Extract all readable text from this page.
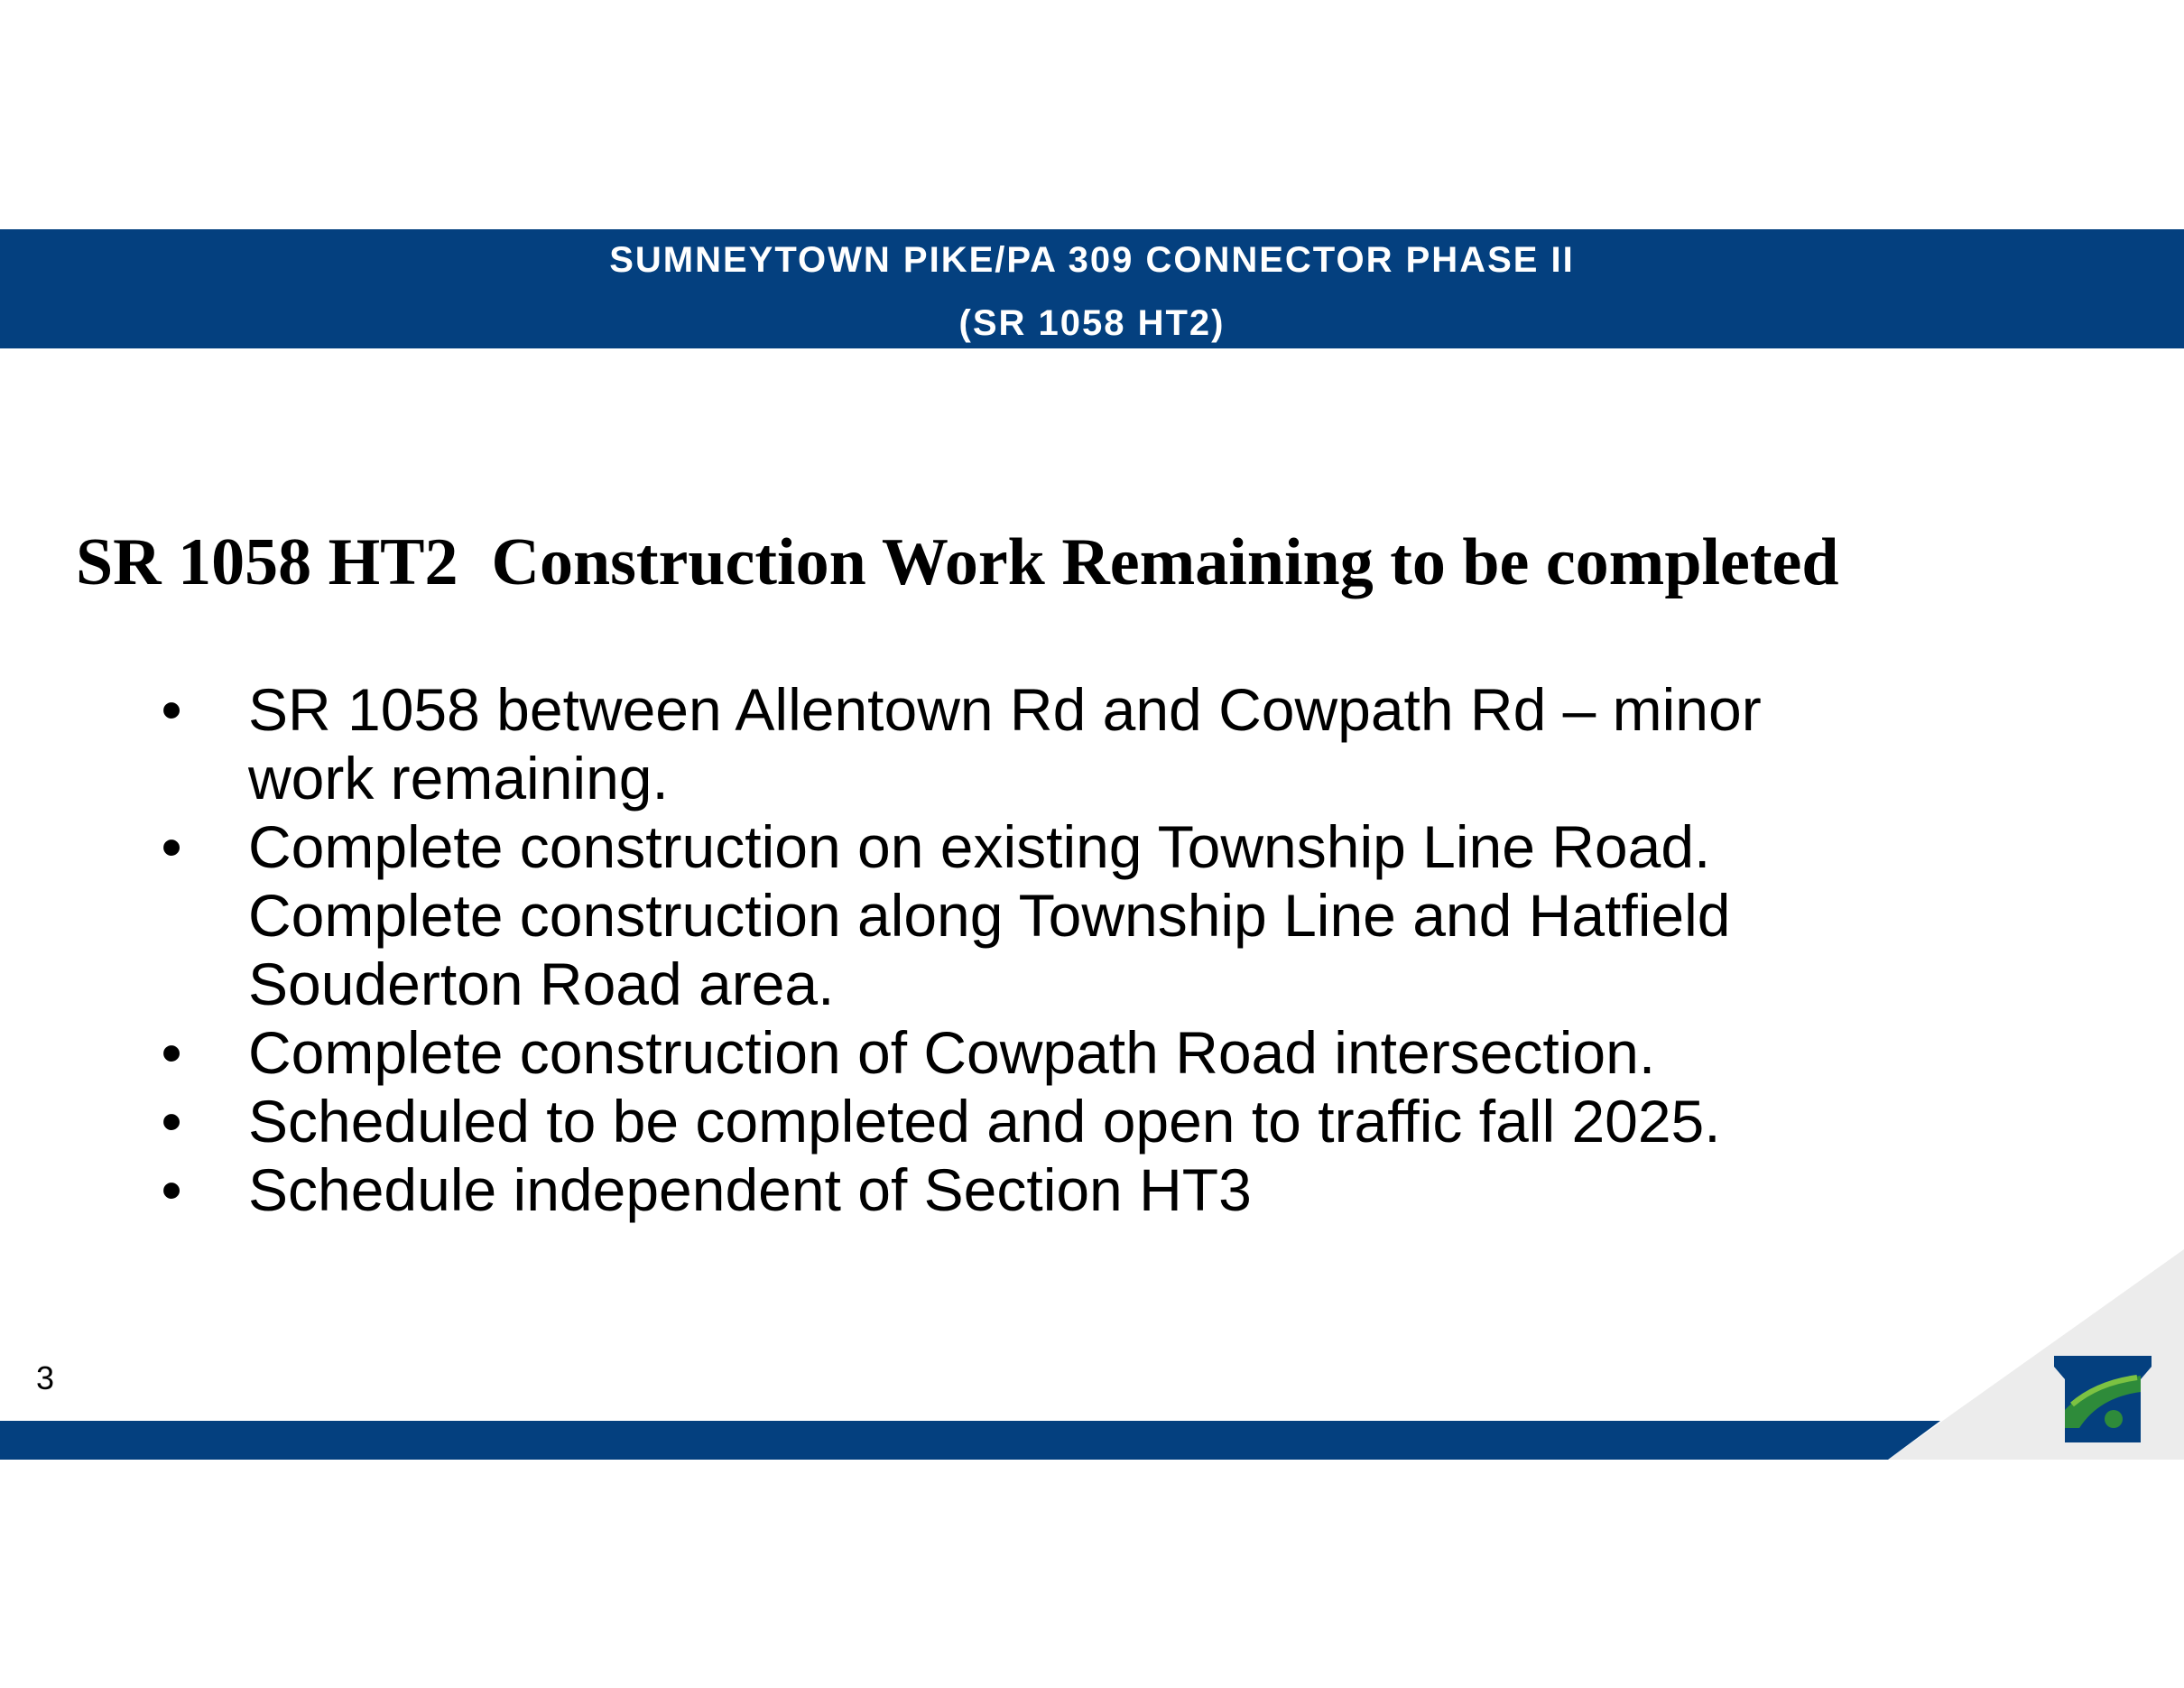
SUMNEYTOWN PIKE/PA 309 CONNECTOR PHASE II
(SR 1058 HT2)
SR 1058 HT2  Construction Work Remaining to be completed
• SR 1058 between Allentown Rd and Cowpath Rd – minor
work remaining.
• Complete construction on existing Township Line Road.
Complete construction along Township Line and Hatfield
Souderton Road area.
• Complete construction of Cowpath Road intersection.
• Scheduled to be completed and open to traffic fall 2025.
• Schedule independent of Section HT3
3
